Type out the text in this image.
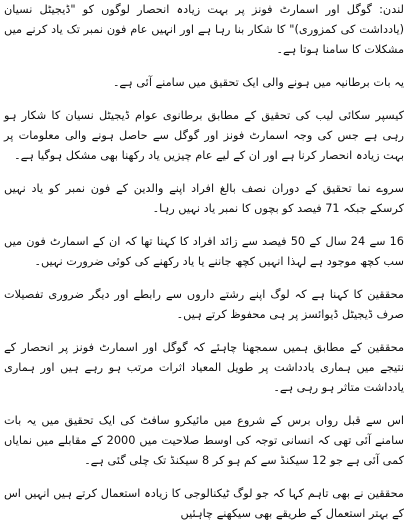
لندن: گوگل اور اسمارٹ فونز پر بہت زیادہ انحصار لوگوں کو "ڈیجیٹل نسیان (یادداشت کی کمزوری)" کا شکار بنا رہا ہے اور انہیں عام فون نمبر تک یاد کرنے میں مشکلات کا سامنا ہوتا ہے۔

یہ بات برطانیہ میں ہونے والی ایک تحقیق میں سامنے آئی ہے۔

کیسپر سکائی لیب کی تحقیق کے مطابق برطانوی عوام ڈیجیٹل نسیان کا شکار ہو رہی ہے جس کی وجہ اسمارٹ فونز اور گوگل سے حاصل ہونے والی معلومات پر بہت زیادہ انحصار کرنا ہے اور ان کے لیے عام چیزیں یاد رکھنا بھی مشکل ہوگیا ہے۔

سروے نما تحقیق کے دوران نصف بالغ افراد اپنے والدین کے فون نمبر کو یاد نہیں کرسکے جبکہ 71 فیصد کو بچوں کا نمبر یاد نہیں رہا۔

16 سے 24 سال کے 50 فیصد سے زائد افراد کا کہنا تھا کہ ان کے اسمارٹ فون میں سب کچھ موجود ہے لہذا انہیں کچھ جاننے یا یاد رکھنے کی کوئی ضرورت نہیں۔

محققین کا کہنا ہے کہ لوگ اپنے رشتے داروں سے رابطے اور دیگر ضروری تفصیلات صرف ڈیجیٹل ڈیوائسز پر ہی محفوظ کرتے ہیں۔

محققین کے مطابق ہمیں سمجھنا چاہئے کہ گوگل اور اسمارٹ فونز پر انحصار کے نتیجے میں ہماری یادداشت پر طویل المعیاد اثرات مرتب ہو رہے ہیں اور ہماری یادداشت متاثر ہو رہی ہے۔

اس سے قبل رواں برس کے شروع میں مائیکرو سافٹ کی ایک تحقیق میں یہ بات سامنے آئی تھی کہ انسانی توجہ کی اوسط صلاحیت میں 2000 کے مقابلے میں نمایاں کمی آئی ہے جو 12 سیکنڈ سے کم ہو کر 8 سیکنڈ تک چلی گئی ہے۔

محققین نے بھی تاہم کہا کہ جو لوگ ٹیکنالوجی کا زیادہ استعمال کرتے ہیں انہیں اس کے بہتر استعمال کے طریقے بھی سیکھنے چاہئیں
